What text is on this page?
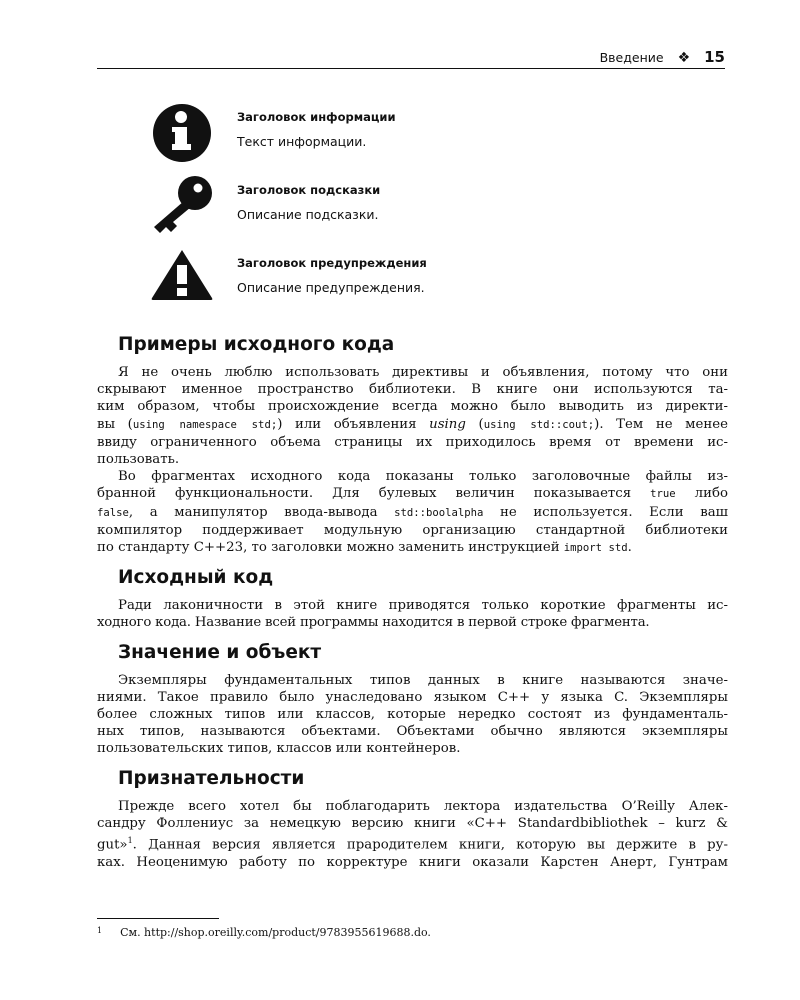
Введение ❖ 15
Заголовок информации
Текст информации.
Заголовок подсказки
Описание подсказки.
Заголовок предупреждения
Описание предупреждения.
Примеры исходного кода

Я не очень люблю использовать директивы и объявления, потому что они
скрывают именное пространство библиотеки. В книге они используются та-
ким образом, чтобы происхождение всегда можно было выводить из директи-
вы (using namespace std;) или объявления using (using std::cout;). Тем не менее
ввиду ограниченного объема страницы их приходилось время от времени ис-
пользовать.

Во фрагментах исходного кода показаны только заголовочные файлы из-
бранной функциональности. Для булевых величин показывается true либо
false, а манипулятор ввода-вывода std::boolalpha не используется. Если ваш
компилятор поддерживает модульную организацию стандартной библиотеки
по стандарту C++23, то заголовки можно заменить инструкцией import std.

Исходный код

Ради лаконичности в этой книге приводятся только короткие фрагменты ис-
ходного кода. Название всей программы находится в первой строке фрагмента.

Значение и объект

Экземпляры фундаментальных типов данных в книге называются значе-
ниями. Такое правило было унаследовано языком C++ у языка C. Экземпляры
более сложных типов или классов, которые нередко состоят из фундаменталь-
ных типов, называются объектами. Объектами обычно являются экземпляры
пользовательских типов, классов или контейнеров.

Признательности

Прежде всего хотел бы поблагодарить лектора издательства O’Reilly Алек-
сандру Фоллениус за немецкую версию книги «C++ Standardbibliothek – kurz &
gut»$^1$. Данная версия является прародителем книги, которую вы держите в ру-
ках. Неоценимую работу по корректуре книги оказали Карстен Анерт, Гунтрам

$^1$ См. http://shop.oreilly.com/product/9783955619688.do.
